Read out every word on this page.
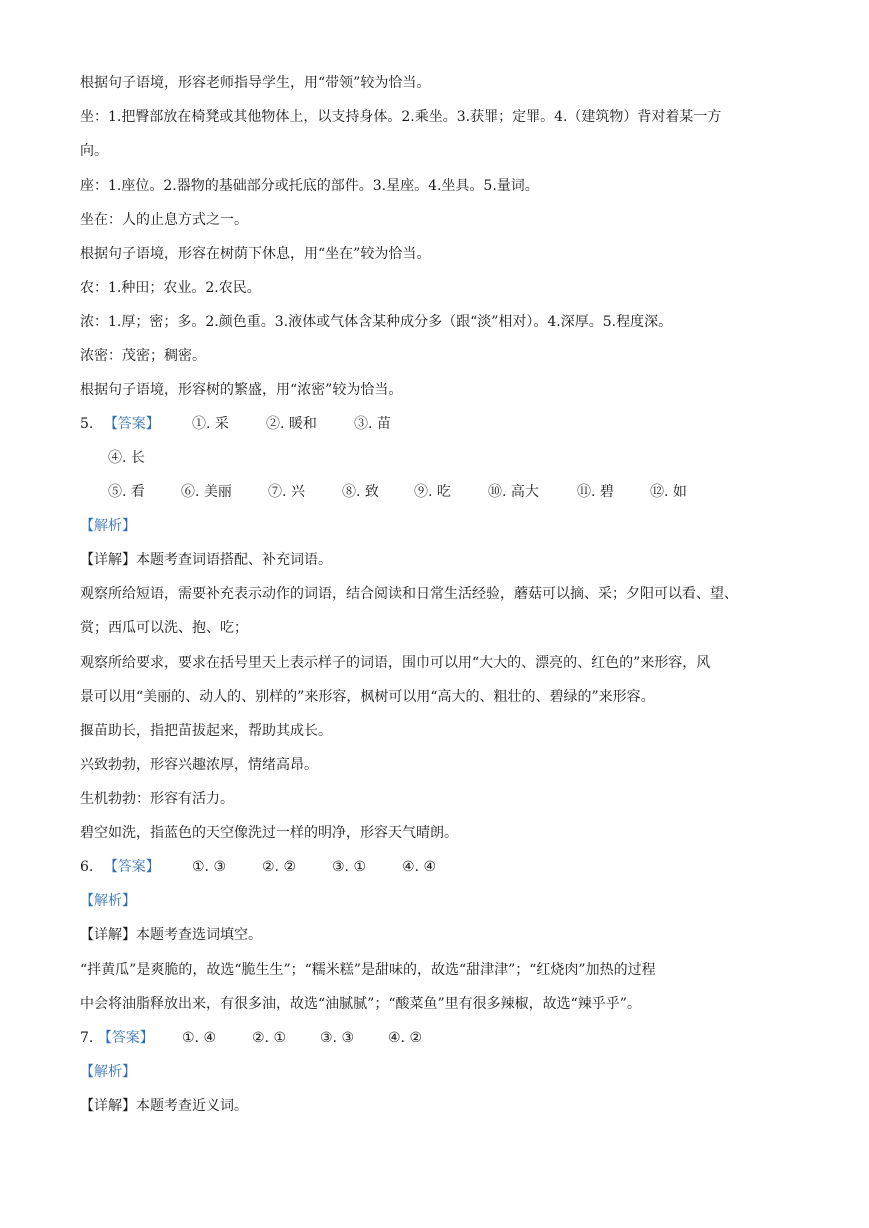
根据句子语境，形容老师指导学生，用“带领”较为恰当。
坐：1.把臀部放在椅凳或其他物体上，以支持身体。2.乘坐。3.获罪；定罪。4.（建筑物）背对着某一方
向。
座：1.座位。2.器物的基础部分或托底的部件。3.星座。4.坐具。5.量词。
坐在：人的止息方式之一。
根据句子语境，形容在树荫下休息，用“坐在”较为恰当。
农：1.种田；农业。2.农民。
浓：1.厚；密；多。2.颜色重。3.液体或气体含某种成分多（跟“淡”相对）。4.深厚。5.程度深。
浓密：茂密；稠密。
根据句子语境，形容树的繁盛，用“浓密”较为恰当。
5. 【答案】 ①. 采	②. 暖和	③. 苗
④. 长
⑤. 看	⑥. 美丽	⑦. 兴	⑧. 致	⑨. 吃	⑩. 高大	⑪. 碧	⑫. 如
【解析】
【详解】本题考查词语搭配、补充词语。
观察所给短语，需要补充表示动作的词语，结合阅读和日常生活经验，蘑菇可以摘、采；夕阳可以看、望、
赏；西瓜可以洗、抱、吃；
观察所给要求，要求在括号里天上表示样子的词语，围巾可以用“大大的、漂亮的、红色的”来形容，风
景可以用“美丽的、动人的、别样的”来形容，枫树可以用“高大的、粗壮的、碧绿的”来形容。
揠苗助长，指把苗拔起来，帮助其成长。
兴致勃勃，形容兴趣浓厚，情绪高昂。
生机勃勃：形容有活力。
碧空如洗，指蓝色的天空像洗过一样的明净，形容天气晴朗。
6. 【答案】 ①. ③	②. ②	③. ①	④. ④
【解析】
【详解】本题考查选词填空。
“拌黄瓜”是爽脆的，故选“脆生生”；“糯米糕”是甜味的，故选“甜津津”；“红烧肉”加热的过程
中会将油脂释放出来，有很多油，故选“油腻腻”；“酸菜鱼”里有很多辣椒，故选“辣乎乎”。
7. 【答案】 ①. ④	②. ① ③. ③ ④. ②
【解析】
【详解】本题考查近义词。
